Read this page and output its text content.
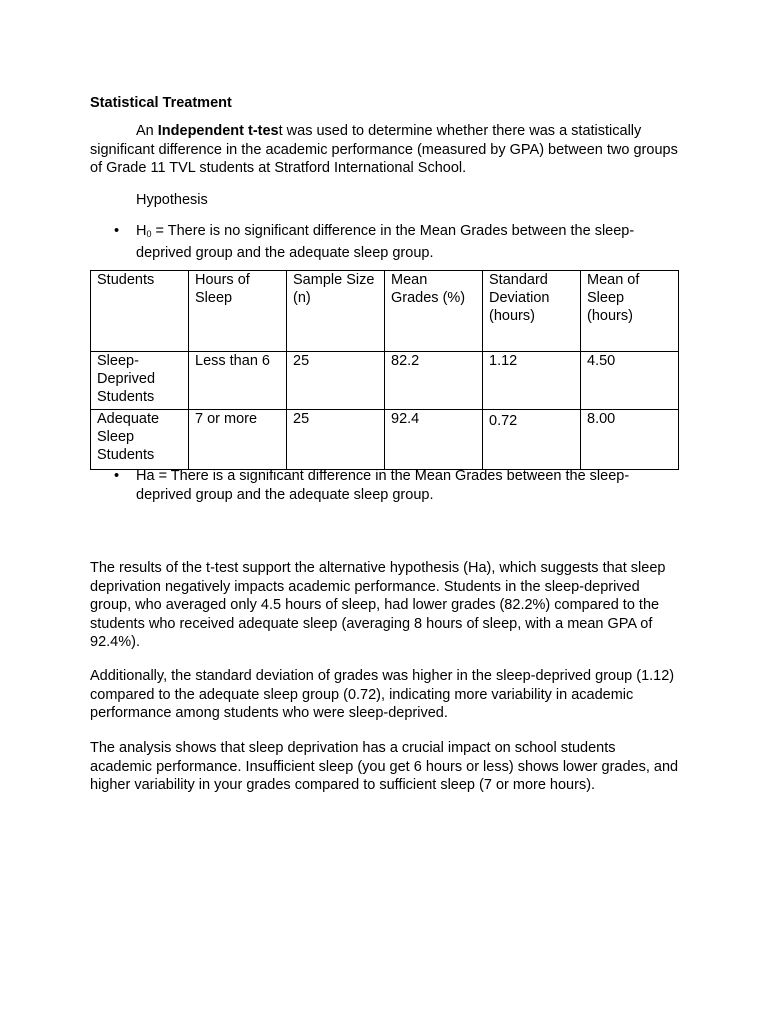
Statistical Treatment
An Independent t-test was used to determine whether there was a statistically significant difference in the academic performance (measured by GPA) between two groups of Grade 11 TVL students at Stratford International School.
Hypothesis
• H0 = There is no significant difference in the Mean Grades between the sleep-deprived group and the adequate sleep group.
Students	Hours of Sleep	Sample Size (n)	Mean Grades (%)	Standard Deviation (hours)	Mean of Sleep (hours)
Sleep-Deprived Students	Less than 6	25	82.2	1.12	4.50
Adequate Sleep Students	7 or more	25	92.4	0.72	8.00
• Ha = There is a significant difference in the Mean Grades between the sleep-deprived group and the adequate sleep group.
The results of the t-test support the alternative hypothesis (Ha), which suggests that sleep deprivation negatively impacts academic performance. Students in the sleep-deprived group, who averaged only 4.5 hours of sleep, had lower grades (82.2%) compared to the students who received adequate sleep (averaging 8 hours of sleep, with a mean GPA of 92.4%).
Additionally, the standard deviation of grades was higher in the sleep-deprived group (1.12) compared to the adequate sleep group (0.72), indicating more variability in academic performance among students who were sleep-deprived.
The analysis shows that sleep deprivation has a crucial impact on school students academic performance. Insufficient sleep (you get 6 hours or less) shows lower grades, and higher variability in your grades compared to sufficient sleep (7 or more hours).
